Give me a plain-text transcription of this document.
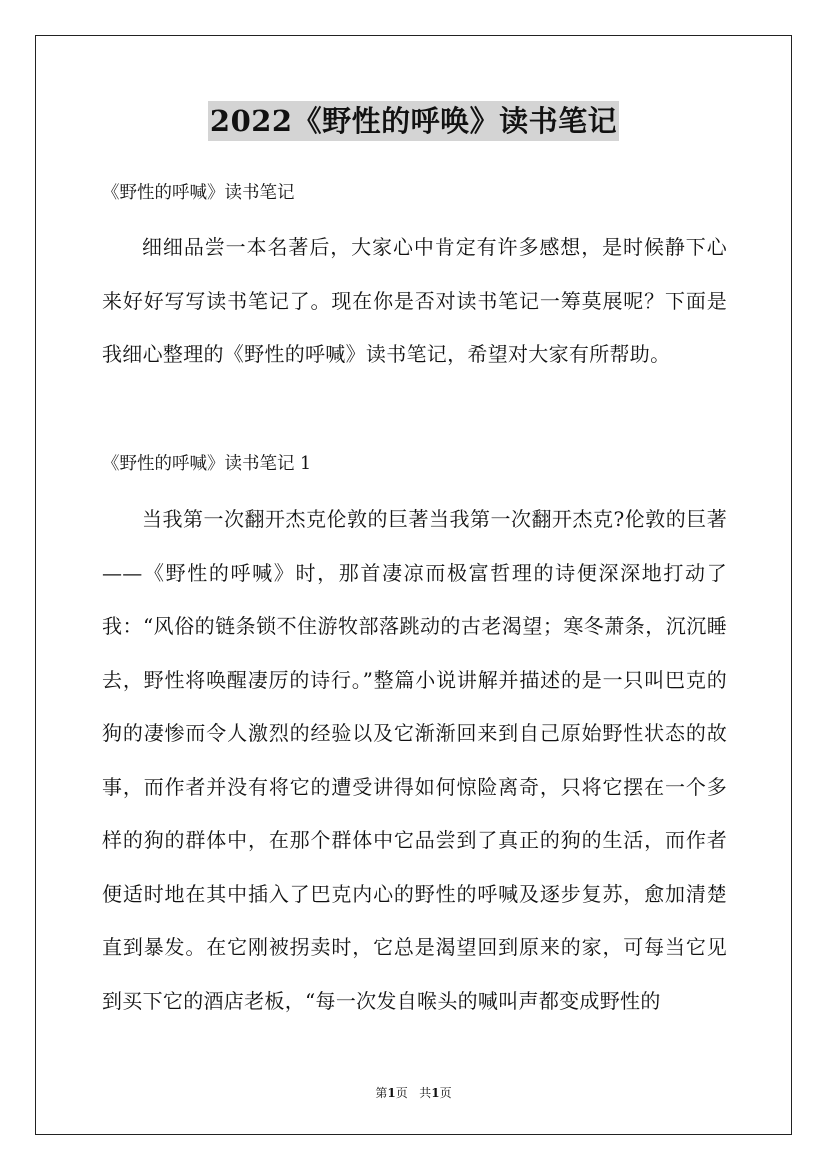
2022《野性的呼唤》读书笔记
《野性的呼喊》读书笔记

细细品尝一本名著后，大家心中肯定有许多感想，是时候静下心来好好写写读书笔记了。现在你是否对读书笔记一筹莫展呢？下面是我细心整理的《野性的呼喊》读书笔记，希望对大家有所帮助。

《野性的呼喊》读书笔记 1

当我第一次翻开杰克伦敦的巨著当我第一次翻开杰克?伦敦的巨著——《野性的呼喊》时，那首凄凉而极富哲理的诗便深深地打动了我：“风俗的链条锁不住游牧部落跳动的古老渴望；寒冬萧条，沉沉睡去，野性将唤醒凄厉的诗行。”整篇小说讲解并描述的是一只叫巴克的狗的凄惨而令人激烈的经验以及它渐渐回来到自己原始野性状态的故事，而作者并没有将它的遭受讲得如何惊险离奇，只将它摆在一个多样的狗的群体中，在那个群体中它品尝到了真正的狗的生活，而作者便适时地在其中插入了巴克内心的野性的呼喊及逐步复苏，愈加清楚直到暴发。在它刚被拐卖时，它总是渴望回到原来的家，可每当它见到买下它的酒店老板，“每一次发自喉头的喊叫声都变成野性的

第1页 共1页
